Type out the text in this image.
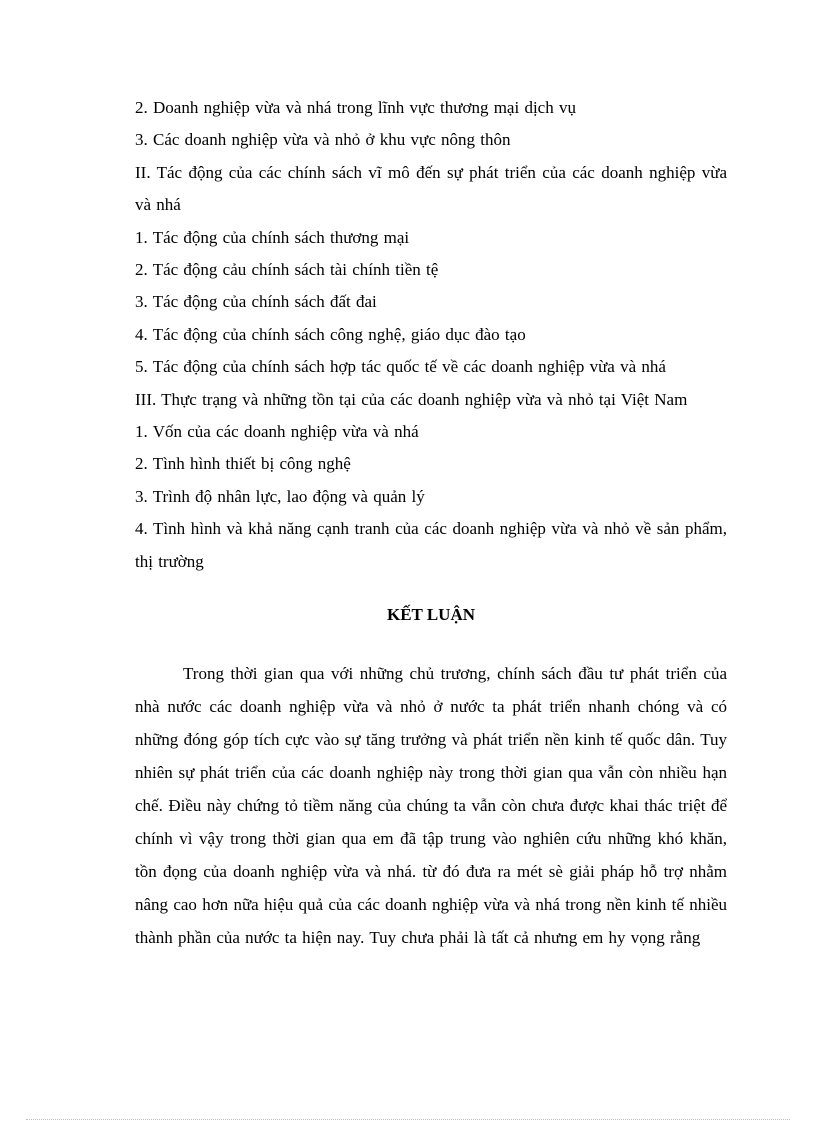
2. Doanh nghiệp vừa và nhá trong lĩnh vực thương mại dịch vụ
3. Các doanh nghiệp vừa và nhỏ ở khu vực nông thôn
II. Tác động của các chính sách vĩ mô đến sự phát triển của các doanh nghiệp vừa và nhá
1. Tác động của chính sách thương mại
2. Tác động cảu chính sách tài chính tiền tệ
3. Tác động của chính sách đất đai
4. Tác động của chính sách công nghệ, giáo dục đào tạo
5. Tác động của chính sách hợp tác quốc tế về các doanh nghiệp vừa và nhá
III. Thực trạng và những tồn tại của các doanh nghiệp vừa và nhỏ tại Việt Nam
1. Vốn của các doanh nghiệp vừa và nhá
2. Tình hình thiết bị công nghệ
3. Trình độ nhân lực, lao động và quản lý
4. Tình hình và khả năng cạnh tranh của các doanh nghiệp vừa và nhỏ về sản phẩm, thị trường
KẾT LUẬN

Trong thời gian qua với những chủ trương, chính sách đầu tư phát triển của nhà nước các doanh nghiệp vừa và nhỏ ở nước ta phát triển nhanh chóng và có những đóng góp tích cực vào sự tăng trưởng và phát triển nền kinh tế quốc dân. Tuy nhiên sự phát triển của các doanh nghiệp này trong thời gian qua vẫn còn nhiều hạn chế. Điều này chứng tỏ tiềm năng của chúng ta vẫn còn chưa được khai thác triệt để chính vì vậy trong thời gian qua em đã tập trung vào nghiên cứu những khó khăn, tồn đọng của doanh nghiệp vừa và nhá. từ đó đưa ra mét sè giải pháp hỗ trợ nhằm nâng cao hơn nữa hiệu quả của các doanh nghiệp vừa và nhá trong nền kinh tế nhiều thành phần của nước ta hiện nay. Tuy chưa phải là tất cả nhưng em hy vọng rằng
